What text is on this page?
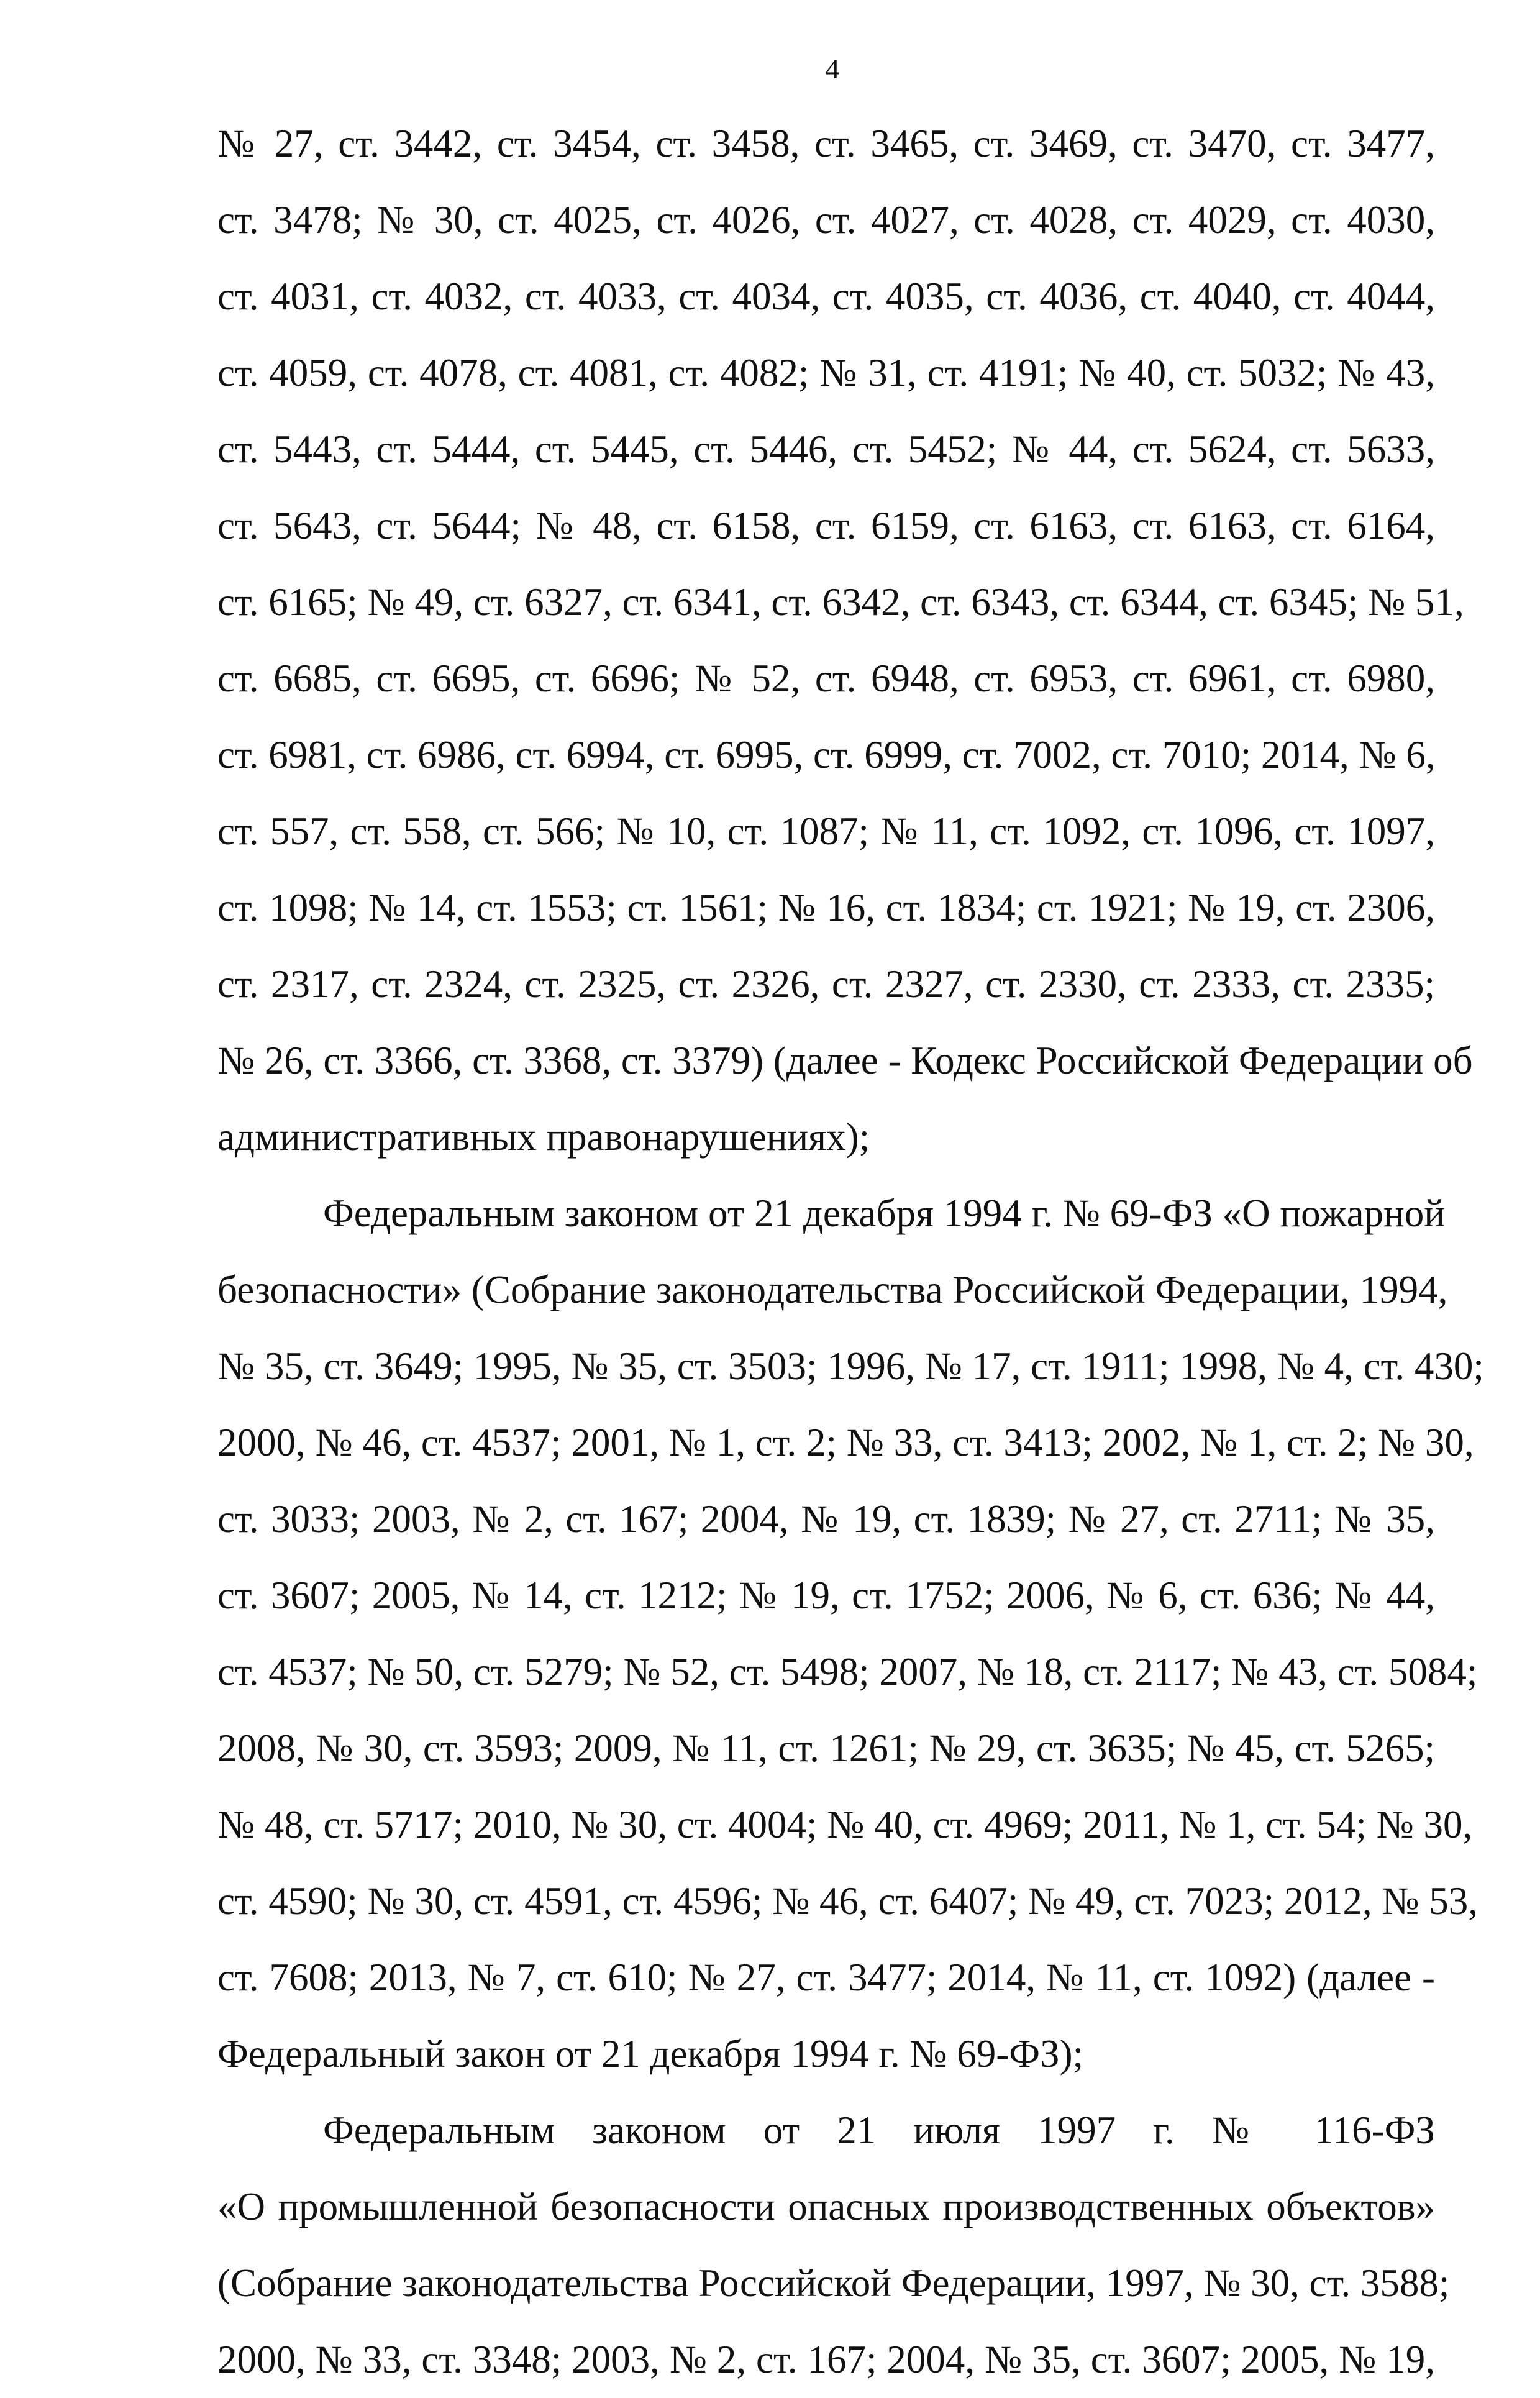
4
№ 27, ст. 3442, ст. 3454, ст. 3458, ст. 3465, ст. 3469, ст. 3470, ст. 3477,
ст. 3478; № 30, ст. 4025, ст. 4026, ст. 4027, ст. 4028, ст. 4029, ст. 4030,
ст. 4031, ст. 4032, ст. 4033, ст. 4034, ст. 4035, ст. 4036, ст. 4040, ст. 4044,
ст. 4059, ст. 4078, ст. 4081, ст. 4082; № 31, ст. 4191; № 40, ст. 5032; № 43,
ст. 5443, ст. 5444, ст. 5445, ст. 5446, ст. 5452; № 44, ст. 5624, ст. 5633,
ст. 5643, ст. 5644; № 48, ст. 6158, ст. 6159, ст. 6163, ст. 6163, ст. 6164,
ст. 6165; № 49, ст. 6327, ст. 6341, ст. 6342, ст. 6343, ст. 6344, ст. 6345; № 51,
ст. 6685, ст. 6695, ст. 6696; № 52, ст. 6948, ст. 6953, ст. 6961, ст. 6980,
ст. 6981, ст. 6986, ст. 6994, ст. 6995, ст. 6999, ст. 7002, ст. 7010; 2014, № 6,
ст. 557, ст. 558, ст. 566; № 10, ст. 1087; № 11, ст. 1092, ст. 1096, ст. 1097,
ст. 1098; № 14, ст. 1553; ст. 1561; № 16, ст. 1834; ст. 1921; № 19, ст. 2306,
ст. 2317, ст. 2324, ст. 2325, ст. 2326, ст. 2327, ст. 2330, ст. 2333, ст. 2335;
№ 26, ст. 3366, ст. 3368, ст. 3379) (далее - Кодекс Российской Федерации об
административных правонарушениях);
Федеральным законом от 21 декабря 1994 г. № 69-ФЗ «О пожарной
безопасности» (Собрание законодательства Российской Федерации, 1994,
№ 35, ст. 3649; 1995, № 35, ст. 3503; 1996, № 17, ст. 1911; 1998, № 4, ст. 430;
2000, № 46, ст. 4537; 2001, № 1, ст. 2; № 33, ст. 3413; 2002, № 1, ст. 2; № 30,
ст. 3033; 2003, № 2, ст. 167; 2004, № 19, ст. 1839; № 27, ст. 2711; № 35,
ст. 3607; 2005, № 14, ст. 1212; № 19, ст. 1752; 2006, № 6, ст. 636; № 44,
ст. 4537; № 50, ст. 5279; № 52, ст. 5498; 2007, № 18, ст. 2117; № 43, ст. 5084;
2008, № 30, ст. 3593; 2009, № 11, ст. 1261; № 29, ст. 3635; № 45, ст. 5265;
№ 48, ст. 5717; 2010, № 30, ст. 4004; № 40, ст. 4969; 2011, № 1, ст. 54; № 30,
ст. 4590; № 30, ст. 4591, ст. 4596; № 46, ст. 6407; № 49, ст. 7023; 2012, № 53,
ст. 7608; 2013, № 7, ст. 610; № 27, ст. 3477; 2014, № 11, ст. 1092) (далее -
Федеральный закон от 21 декабря 1994 г. № 69-ФЗ);
Федеральным законом от 21 июля 1997 г. № 116-ФЗ
«О промышленной безопасности опасных производственных объектов»
(Собрание законодательства Российской Федерации, 1997, № 30, ст. 3588;
2000, № 33, ст. 3348; 2003, № 2, ст. 167; 2004, № 35, ст. 3607; 2005, № 19,
